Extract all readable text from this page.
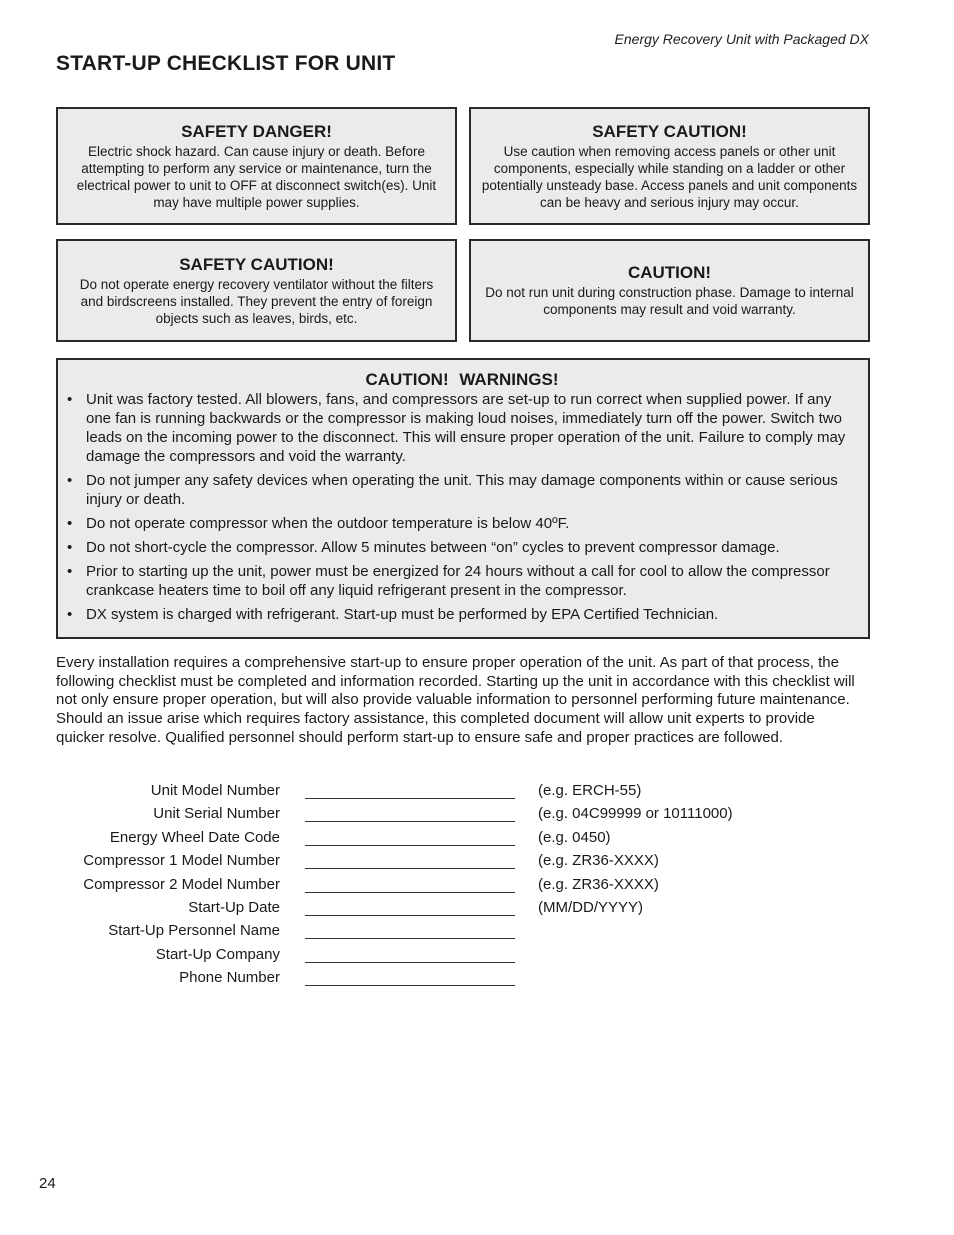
Energy Recovery Unit with Packaged DX
START-UP CHECKLIST FOR UNIT
SAFETY DANGER!

Electric shock hazard. Can cause injury or death. Before attempting to perform any service or maintenance, turn the electrical power to unit to OFF at disconnect switch(es). Unit may have multiple power supplies.

SAFETY CAUTION!

Use caution when removing access panels or other unit components, especially while standing on a ladder or other potentially unsteady base. Access panels and unit components can be heavy and serious injury may occur.

SAFETY CAUTION!

Do not operate energy recovery ventilator without the filters and birdscreens installed. They prevent the entry of foreign objects such as leaves, birds, etc.

CAUTION!

Do not run unit during construction phase. Damage to internal components may result and void warranty.

CAUTION! WARNINGS!
• Unit was factory tested. All blowers, fans, and compressors are set-up to run correct when supplied power. If any one fan is running backwards or the compressor is making loud noises, immediately turn off the power. Switch two leads on the incoming power to the disconnect. This will ensure proper operation of the unit. Failure to comply may damage the compressors and void the warranty.
• Do not jumper any safety devices when operating the unit. This may damage components within or cause serious injury or death.
• Do not operate compressor when the outdoor temperature is below 40ºF.
• Do not short-cycle the compressor. Allow 5 minutes between “on” cycles to prevent compressor damage.
• Prior to starting up the unit, power must be energized for 24 hours without a call for cool to allow the compressor crankcase heaters time to boil off any liquid refrigerant present in the compressor.
• DX system is charged with refrigerant. Start-up must be performed by EPA Certified Technician.

Every installation requires a comprehensive start-up to ensure proper operation of the unit. As part of that process, the following checklist must be completed and information recorded. Starting up the unit in accordance with this checklist will not only ensure proper operation, but will also provide valuable information to personnel performing future maintenance. Should an issue arise which requires factory assistance, this completed document will allow unit experts to provide quicker resolve. Qualified personnel should perform start-up to ensure safe and proper practices are followed.

Unit Model Number	(e.g. ERCH-55)
Unit Serial Number	(e.g. 04C99999 or 10111000)
Energy Wheel Date Code	(e.g. 0450)
Compressor 1 Model Number	(e.g. ZR36-XXXX)
Compressor 2 Model Number	(e.g. ZR36-XXXX)
Start-Up Date	(MM/DD/YYYY)
Start-Up Personnel Name
Start-Up Company
Phone Number
24
